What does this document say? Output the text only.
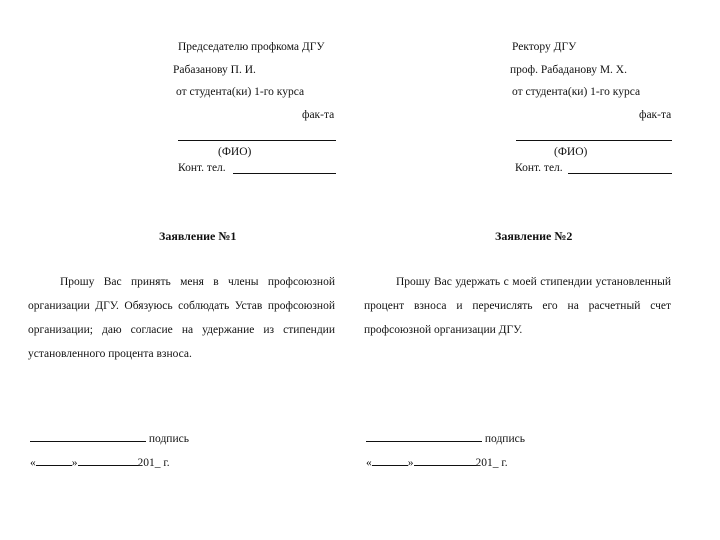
Председателю профкома ДГУ
Рабазанову П. И.
от студента(ки) 1-го курса
фак-та
(ФИО)
Конт. тел.
Заявление №1
Прошу Вас принять меня в члены профсоюзной организации ДГУ. Обязуюсь соблюдать Устав профсоюзной организации; даю согласие на удержание из стипендии установленного процента взноса.
подпись
«	»	201_ г.
Ректору ДГУ
проф. Рабаданову М. Х.
от студента(ки) 1-го курса
фак-та
(ФИО)
Конт. тел.
Заявление №2
Прошу Вас удержать с моей стипендии установленный процент взноса и перечислять его на расчетный счет профсоюзной организации ДГУ.
подпись
«	»	201_ г.
